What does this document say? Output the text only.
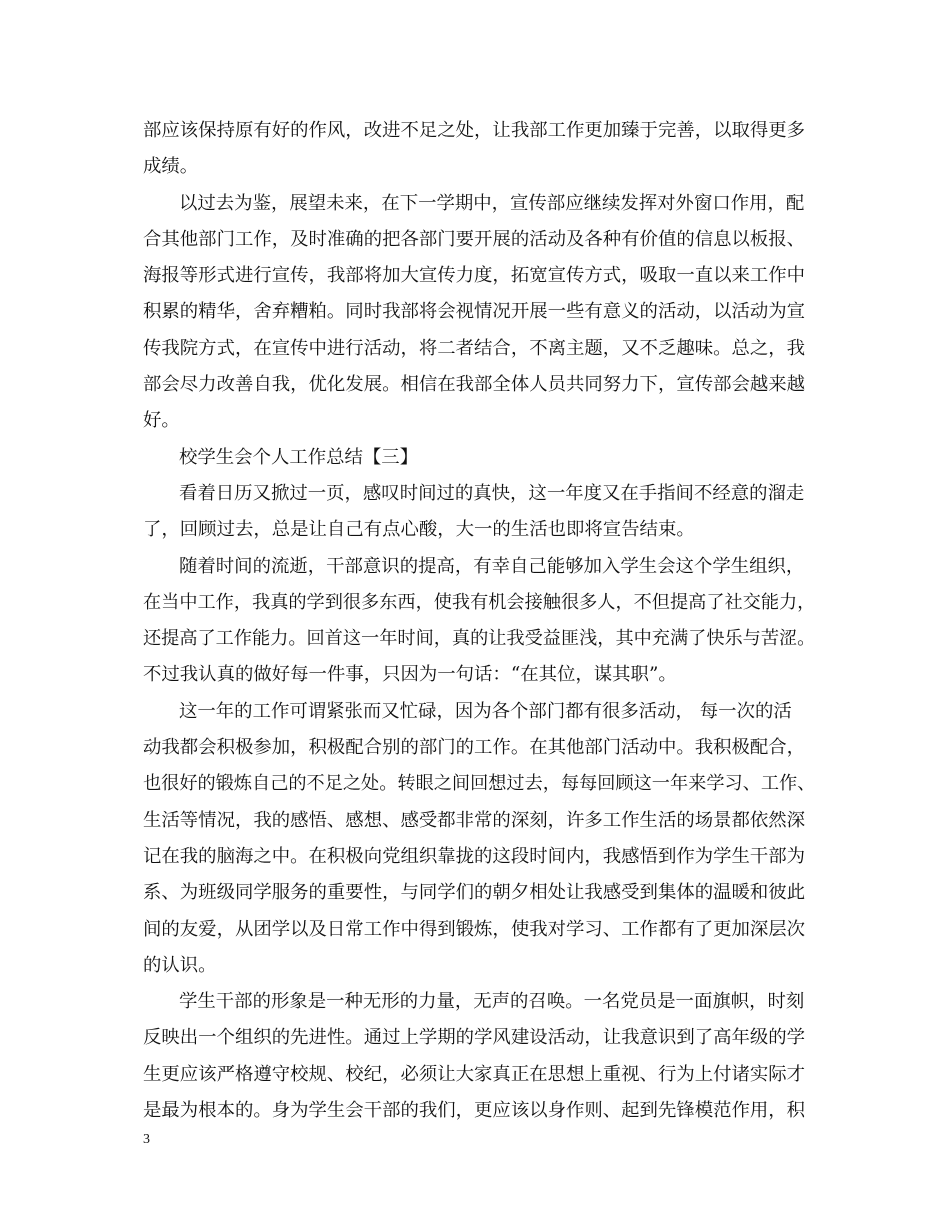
部应该保持原有好的作风，改进不足之处，让我部工作更加臻于完善，以取得更多
成绩。
以过去为鉴，展望未来，在下一学期中，宣传部应继续发挥对外窗口作用，配
合其他部门工作，及时准确的把各部门要开展的活动及各种有价值的信息以板报、
海报等形式进行宣传，我部将加大宣传力度，拓宽宣传方式，吸取一直以来工作中
积累的精华，舍弃糟粕。同时我部将会视情况开展一些有意义的活动，以活动为宣
传我院方式，在宣传中进行活动，将二者结合，不离主题，又不乏趣味。总之，我
部会尽力改善自我，优化发展。相信在我部全体人员共同努力下，宣传部会越来越
好。
校学生会个人工作总结【三】
看着日历又掀过一页，感叹时间过的真快，这一年度又在手指间不经意的溜走
了，回顾过去，总是让自己有点心酸，大一的生活也即将宣告结束。
随着时间的流逝，干部意识的提高，有幸自己能够加入学生会这个学生组织，
在当中工作，我真的学到很多东西，使我有机会接触很多人，不但提高了社交能力，
还提高了工作能力。回首这一年时间，真的让我受益匪浅，其中充满了快乐与苦涩。
不过我认真的做好每一件事，只因为一句话：“在其位，谋其职”。
这一年的工作可谓紧张而又忙碌，因为各个部门都有很多活动， 每一次的活
动我都会积极参加，积极配合别的部门的工作。在其他部门活动中。我积极配合，
也很好的锻炼自己的不足之处。转眼之间回想过去，每每回顾这一年来学习、工作、
生活等情况，我的感悟、感想、感受都非常的深刻，许多工作生活的场景都依然深
记在我的脑海之中。在积极向党组织靠拢的这段时间内，我感悟到作为学生干部为
系、为班级同学服务的重要性，与同学们的朝夕相处让我感受到集体的温暖和彼此
间的友爱，从团学以及日常工作中得到锻炼，使我对学习、工作都有了更加深层次
的认识。
学生干部的形象是一种无形的力量，无声的召唤。一名党员是一面旗帜，时刻
反映出一个组织的先进性。通过上学期的学风建设活动，让我意识到了高年级的学
生更应该严格遵守校规、校纪，必须让大家真正在思想上重视、行为上付诸实际才
是最为根本的。身为学生会干部的我们，更应该以身作则、起到先锋模范作用，积
3
